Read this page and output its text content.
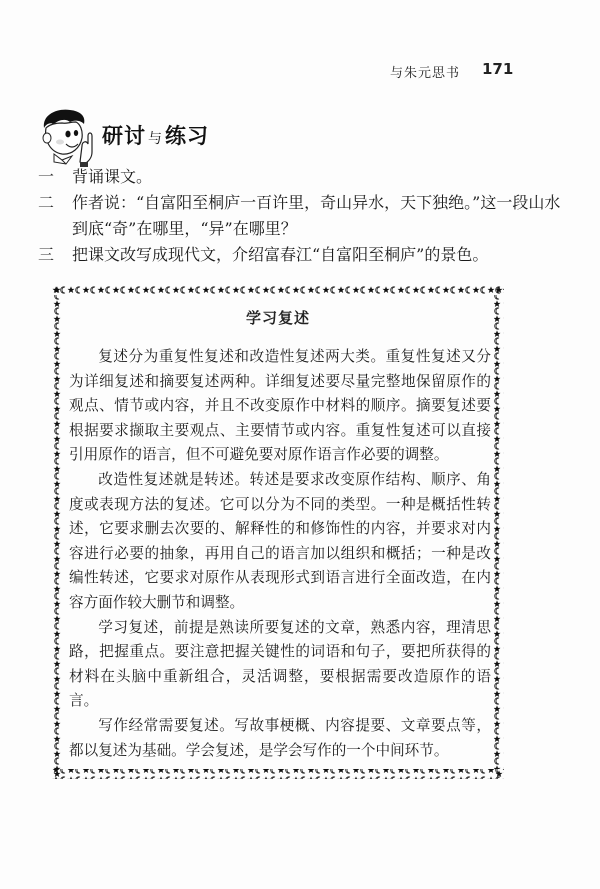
与朱元思书 171
研讨 与练习
一	背诵课文。
二	作者说：“自富阳至桐庐一百许里，奇山异水，天下独绝。”这一段山水到底“奇”在哪里，“异”在哪里？
三	把课文改写成现代文，介绍富春江“自富阳至桐庐”的景色。
学习复述

复述分为重复性复述和改造性复述两大类。重复性复述又分为详细复述和摘要复述两种。详细复述要尽量完整地保留原作的观点、情节或内容，并且不改变原作中材料的顺序。摘要复述要根据要求撷取主要观点、主要情节或内容。重复性复述可以直接引用原作的语言，但不可避免要对原作语言作必要的调整。

改造性复述就是转述。转述是要求改变原作结构、顺序、角度或表现方法的复述。它可以分为不同的类型。一种是概括性转述，它要求删去次要的、解释性的和修饰性的内容，并要求对内容进行必要的抽象，再用自己的语言加以组织和概括；一种是改编性转述，它要求对原作从表现形式到语言进行全面改造，在内容方面作较大删节和调整。

学习复述，前提是熟读所要复述的文章，熟悉内容，理清思路，把握重点。要注意把握关键性的词语和句子，要把所获得的材料在头脑中重新组合，灵活调整，要根据需要改造原作的语言。

写作经常需要复述。写故事梗概、内容提要、文章要点等，都以复述为基础。学会复述，是学会写作的一个中间环节。
